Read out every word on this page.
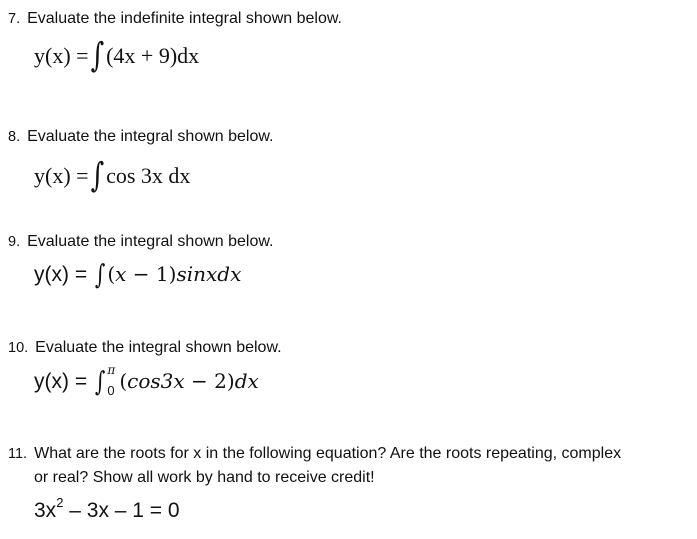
7. Evaluate the indefinite integral shown below.
y(x) =∫(4x + 9)dx
8. Evaluate the integral shown below.
y(x) =∫cos 3x dx
9. Evaluate the integral shown below.
y(x) = ∫ (x − 1)sinxdx
10. Evaluate the integral shown below.
y(x) = ∫ π
0 (cos3x − 2)dx
11. What are the roots for x in the following equation? Are the roots repeating, complex
or real? Show all work by hand to receive credit!
$3x^2 - 3x - 1 = 0$
